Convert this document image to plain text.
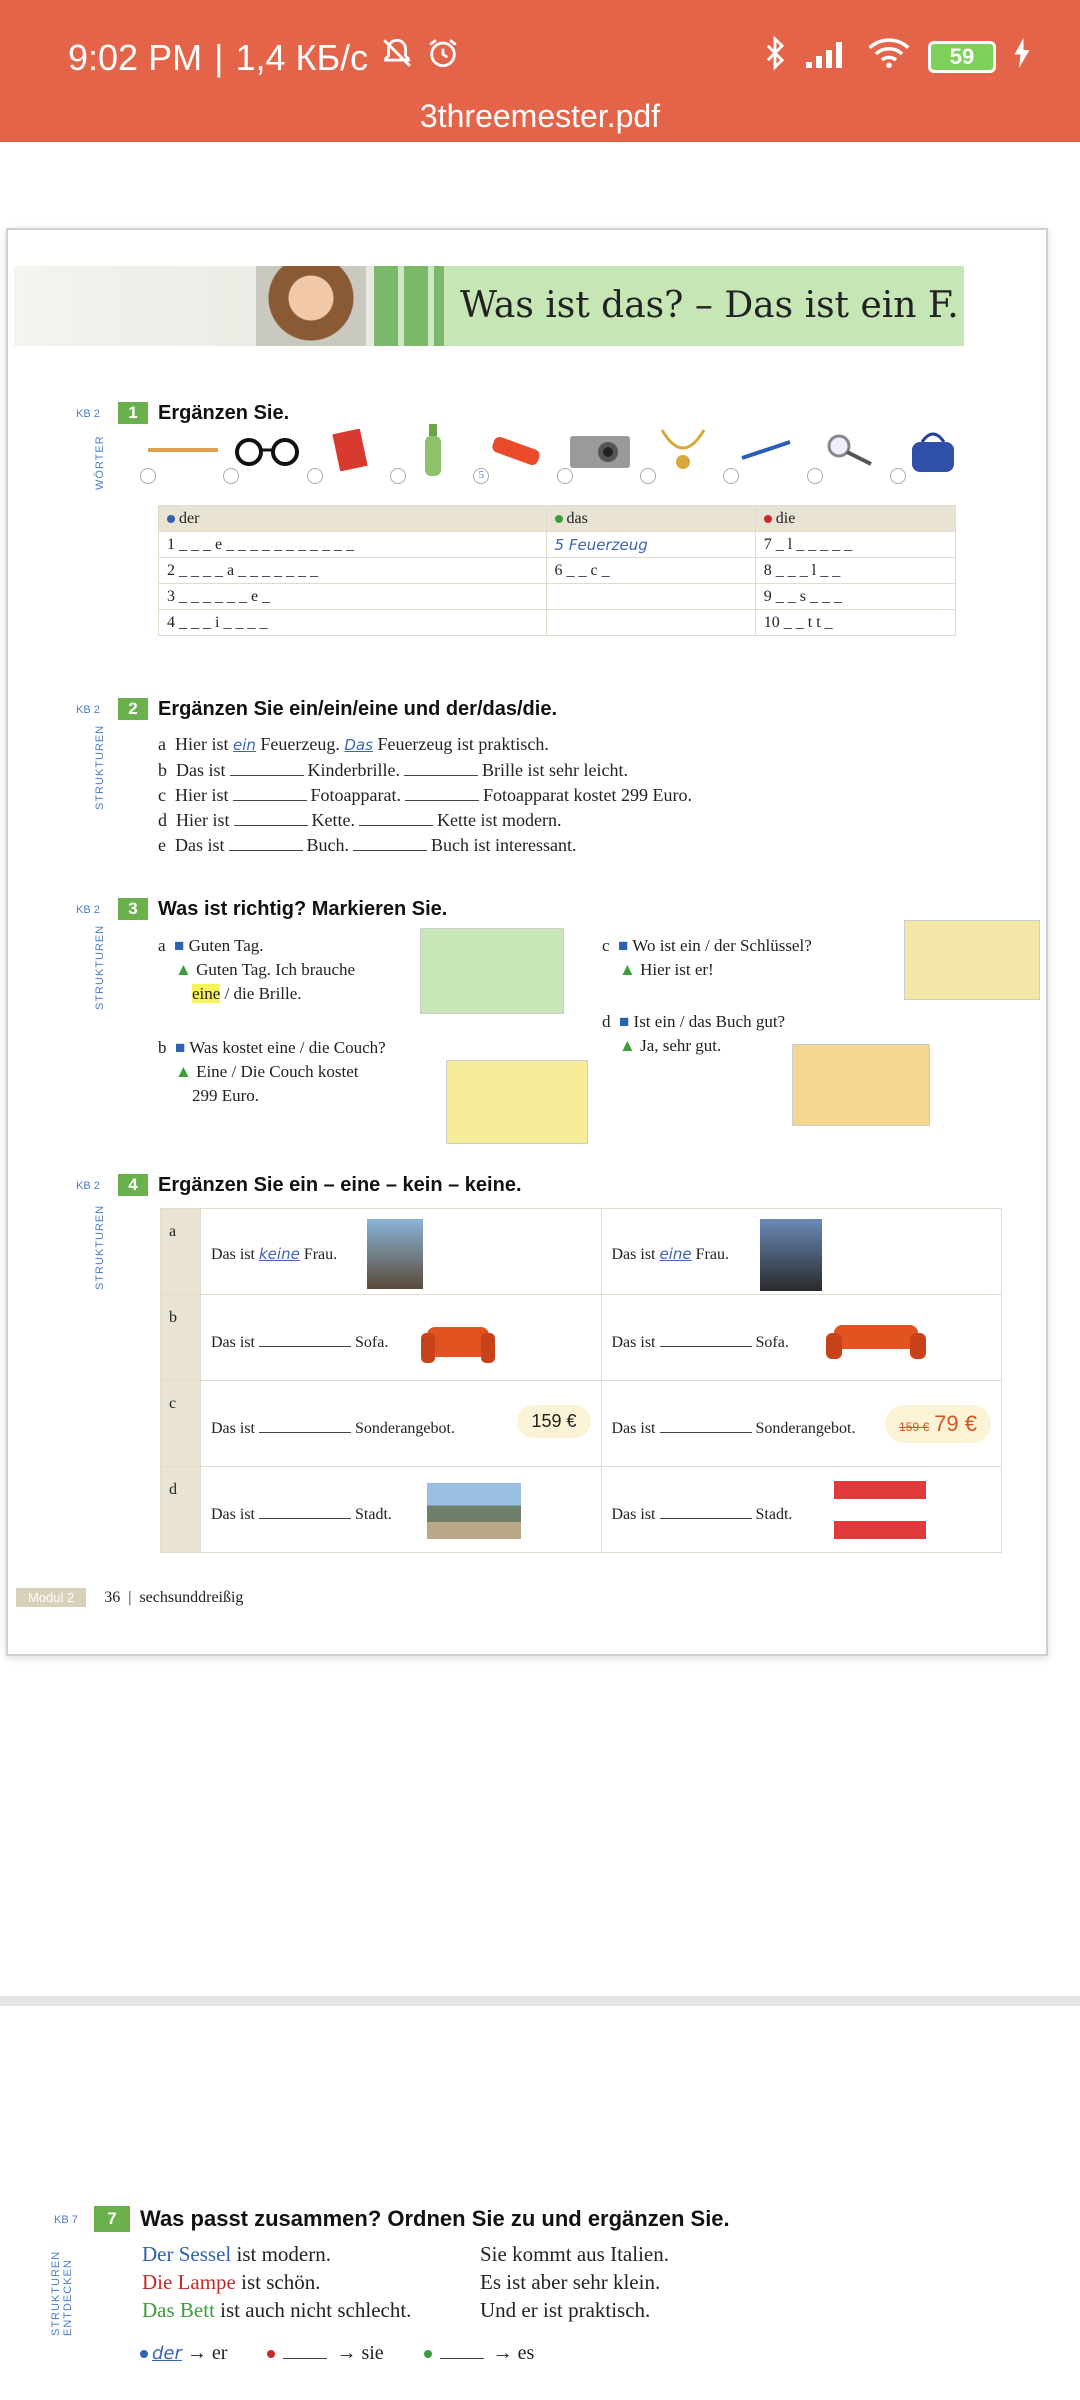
9:02 PM | 1,4 КБ/с	59
3threemester.pdf
Was ist das? – Das ist ein F.
KB 2	1	Ergänzen Sie.
WÖRTER	5
der	das	die
1 _ _ _ e _ _ _ _ _ _ _ _ _ _ _	5 Feuerzeug	7 _ l _ _ _ _ _
2 _ _ _ _ a _ _ _ _ _ _ _	6 _ _ c _	8 _ _ _ l _ _
3 _ _ _ _ _ _ e _		9 _ _ s _ _ _
4 _ _ _ i _ _ _ _		10 _ _ t t _
KB 2	2	Ergänzen Sie ein/ein/eine und der/das/die.
STRUKTUREN	a Hier ist ein Feuerzeug. Das Feuerzeug ist praktisch.
b Das ist	Kinderbrille.	Brille ist sehr leicht.
c Hier ist	Fotoapparat.	Fotoapparat kostet 299 Euro.
d Hier ist	Kette.	Kette ist modern.
e Das ist	Buch.	Buch ist interessant.
KB 2	3	Was ist richtig? Markieren Sie.
STRUKTUREN	a ■ Guten Tag.
▲ Guten Tag. Ich brauche
eine / die Brille.
b ■ Was kostet eine / die Couch?
▲ Eine / Die Couch kostet
299 Euro.
c ■ Wo ist ein / der Schlüssel?
▲ Hier ist er!
d ■ Ist ein / das Buch gut?
▲ Ja, sehr gut.
KB 2	4	Ergänzen Sie ein – eine – kein – keine.
STRUKTUREN	a	Das ist keine Frau.	Das ist eine Frau.

b	Das ist Sofa.	Das ist Sofa.

c	Das ist Sonderangebot. 159 €	Das ist Sonderangebot. 159 € 79 €

d	Das ist Stadt.	Das ist Stadt.
Modul 2 36  |  sechsunddreißig
KB 7	7	Was passt zusammen? Ordnen Sie zu und ergänzen Sie.
STRUKTUREN ENTDECKEN
Der Sessel ist modern.
Die Lampe ist schön.
Das Bett ist auch nicht schlecht.
Sie kommt aus Italien.
Es ist aber sehr klein.
Und er ist praktisch.
der → er	→ sie	→ es
